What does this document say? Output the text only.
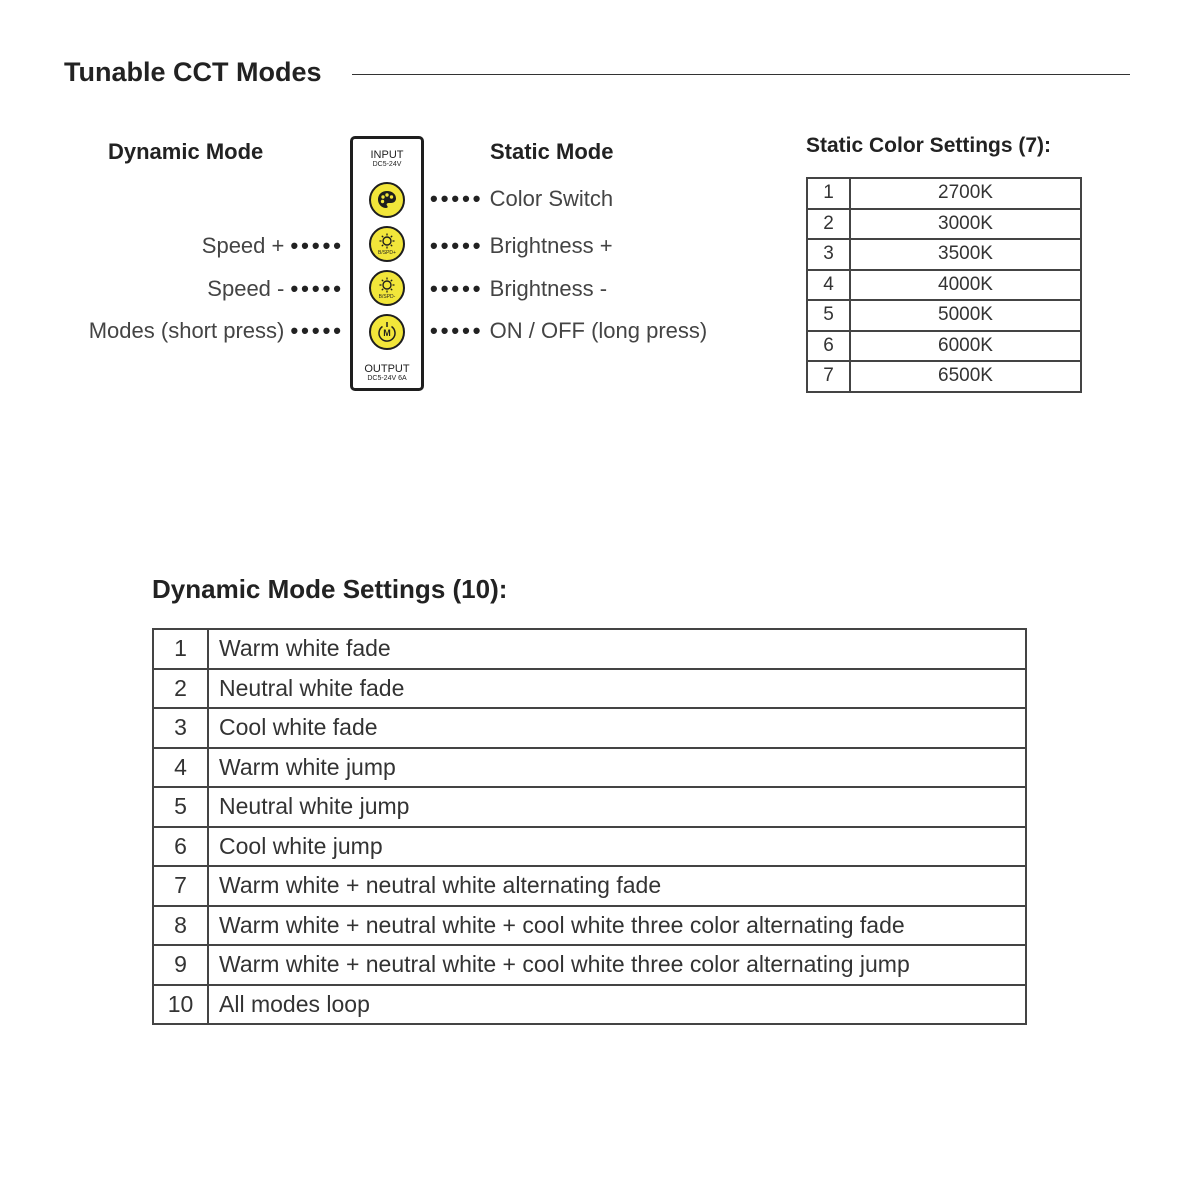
Tunable CCT Modes
Dynamic Mode	Static Mode
Speed + •••••
Speed - •••••
Modes (short press) •••••
••••• Color Switch
••••• Brightness +
••••• Brightness -
••••• ON / OFF (long press)
INPUT
DC5-24V
B/SPD+
B/SPD-
M
OUTPUT
DC5-24V 6A
Static Color Settings (7):
1	2700K
2	3000K
3	3500K
4	4000K
5	5000K
6	6000K
7	6500K
Dynamic Mode Settings (10):
1	Warm white fade
2	Neutral white fade
3	Cool white fade
4	Warm white jump
5	Neutral white jump
6	Cool white jump
7	Warm white + neutral white alternating fade
8	Warm white + neutral white + cool white three color alternating fade
9	Warm white + neutral white + cool white three color alternating jump
10	All modes loop
